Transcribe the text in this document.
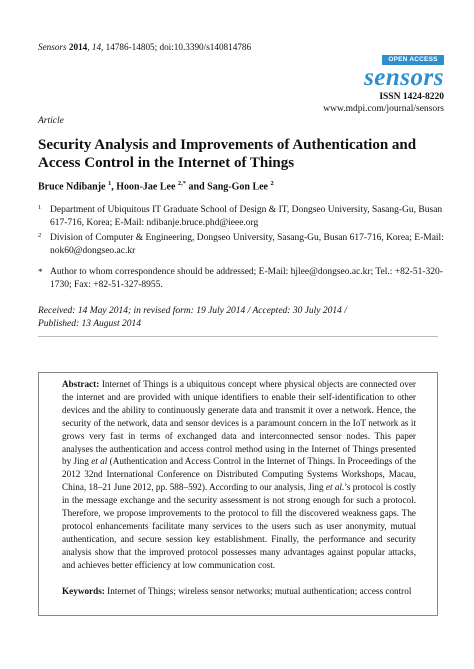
Sensors 2014, 14, 14786-14805; doi:10.3390/s140814786
OPEN ACCESS
sensors
ISSN 1424-8220
www.mdpi.com/journal/sensors
Article
Security Analysis and Improvements of Authentication and Access Control in the Internet of Things
Bruce Ndibanje $^1$, Hoon-Jae Lee $^{2,*}$ and Sang-Gon Lee $^2$
1 Department of Ubiquitous IT Graduate School of Design & IT, Dongseo University, Sasang-Gu, Busan 617-716, Korea; E-Mail: ndibanje.bruce.phd@ieee.org
2 Division of Computer & Engineering, Dongseo University, Sasang-Gu, Busan 617-716, Korea; E-Mail: nok60@dongseo.ac.kr
* Author to whom correspondence should be addressed; E-Mail: hjlee@dongseo.ac.kr; Tel.: +82-51-320-1730; Fax: +82-51-327-8955.
Received: 14 May 2014; in revised form: 19 July 2014 / Accepted: 30 July 2014 /
Published: 13 August 2014
Abstract: Internet of Things is a ubiquitous concept where physical objects are connected over the internet and are provided with unique identifiers to enable their self-identification to other devices and the ability to continuously generate data and transmit it over a network. Hence, the security of the network, data and sensor devices is a paramount concern in the IoT network as it grows very fast in terms of exchanged data and interconnected sensor nodes. This paper analyses the authentication and access control method using in the Internet of Things presented by Jing et al (Authentication and Access Control in the Internet of Things. In Proceedings of the 2012 32nd International Conference on Distributed Computing Systems Workshops, Macau, China, 18–21 June 2012, pp. 588–592). According to our analysis, Jing et al.’s protocol is costly in the message exchange and the security assessment is not strong enough for such a protocol. Therefore, we propose improvements to the protocol to fill the discovered weakness gaps. The protocol enhancements facilitate many services to the users such as user anonymity, mutual authentication, and secure session key establishment. Finally, the performance and security analysis show that the improved protocol possesses many advantages against popular attacks, and achieves better efficiency at low communication cost.
Keywords: Internet of Things; wireless sensor networks; mutual authentication; access control
